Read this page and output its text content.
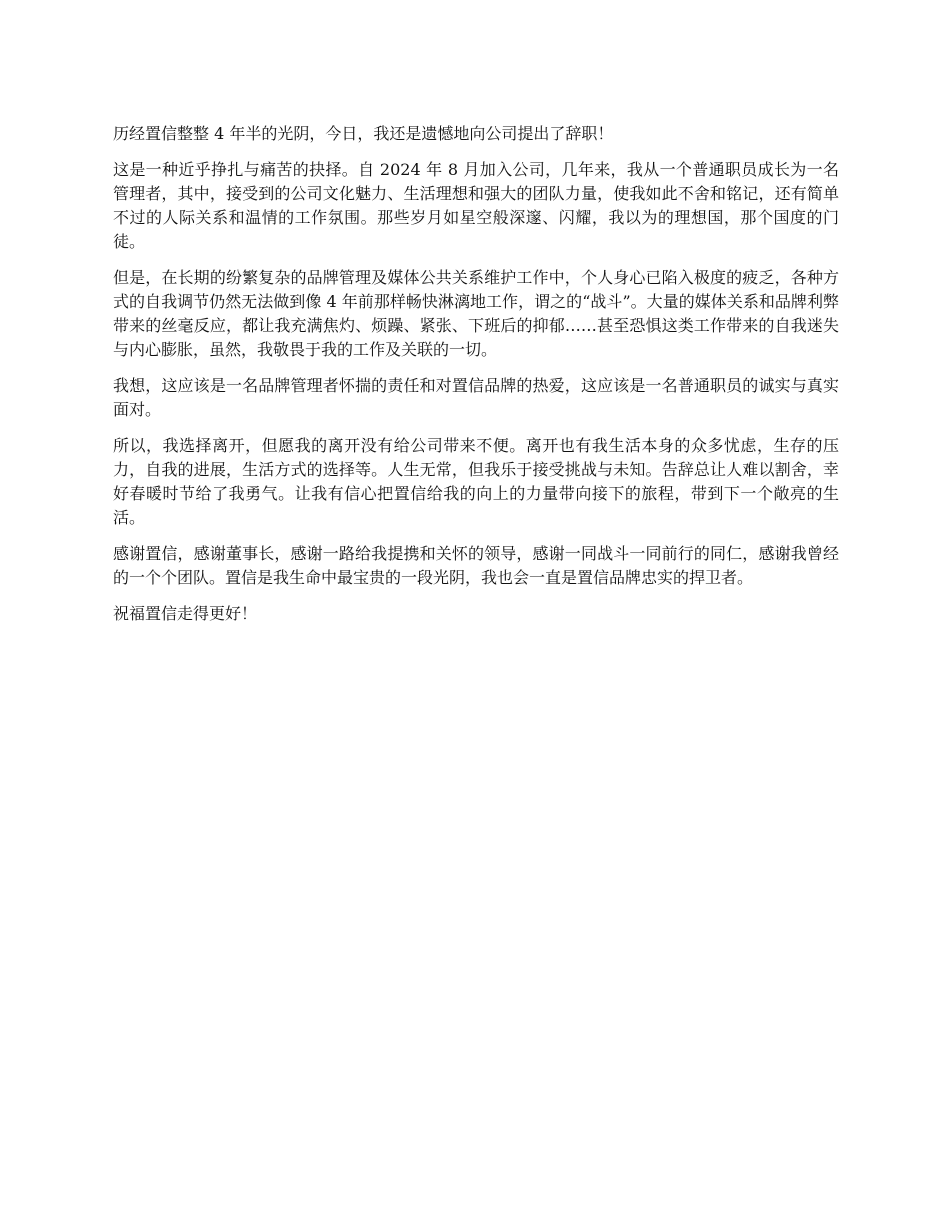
历经置信整整 4 年半的光阴，今日，我还是遗憾地向公司提出了辞职！

这是一种近乎挣扎与痛苦的抉择。自 2024 年 8 月加入公司，几年来，我从一个普通职员成长为一名管理者，其中，接受到的公司文化魅力、生活理想和强大的团队力量，使我如此不舍和铭记，还有简单不过的人际关系和温情的工作氛围。那些岁月如星空般深邃、闪耀，我以为的理想国，那个国度的门徒。

但是，在长期的纷繁复杂的品牌管理及媒体公共关系维护工作中，个人身心已陷入极度的疲乏，各种方式的自我调节仍然无法做到像 4 年前那样畅快淋漓地工作，谓之的“战斗”。大量的媒体关系和品牌利弊带来的丝毫反应，都让我充满焦灼、烦躁、紧张、下班后的抑郁……甚至恐惧这类工作带来的自我迷失与内心膨胀，虽然，我敬畏于我的工作及关联的一切。

我想，这应该是一名品牌管理者怀揣的责任和对置信品牌的热爱，这应该是一名普通职员的诚实与真实面对。

所以，我选择离开，但愿我的离开没有给公司带来不便。离开也有我生活本身的众多忧虑，生存的压力，自我的进展，生活方式的选择等。人生无常，但我乐于接受挑战与未知。告辞总让人难以割舍，幸好春暖时节给了我勇气。让我有信心把置信给我的向上的力量带向接下的旅程，带到下一个敞亮的生活。

感谢置信，感谢董事长，感谢一路给我提携和关怀的领导，感谢一同战斗一同前行的同仁，感谢我曾经的一个个团队。置信是我生命中最宝贵的一段光阴，我也会一直是置信品牌忠实的捍卫者。

祝福置信走得更好！
